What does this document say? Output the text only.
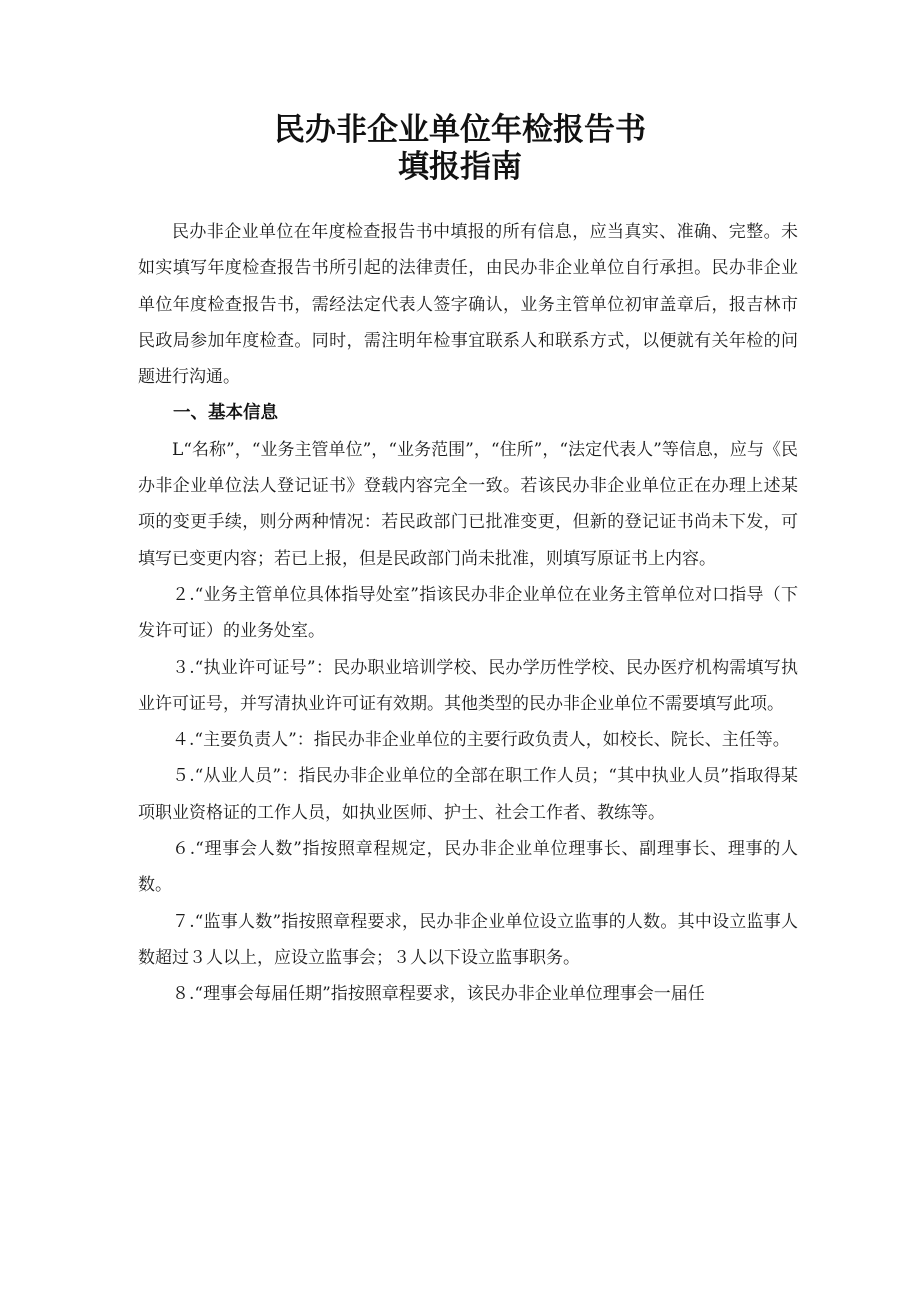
民办非企业单位年检报告书
填报指南

民办非企业单位在年度检查报告书中填报的所有信息，应当真实、准确、完整。未如实填写年度检查报告书所引起的法律责任，由民办非企业单位自行承担。民办非企业单位年度检查报告书，需经法定代表人签字确认，业务主管单位初审盖章后，报吉林市民政局参加年度检查。同时，需注明年检事宜联系人和联系方式，以便就有关年检的问题进行沟通。

一、基本信息

L“名称”，“业务主管单位”，“业务范围”，“住所”，“法定代表人”等信息，应与《民办非企业单位法人登记证书》登载内容完全一致。若该民办非企业单位正在办理上述某项的变更手续，则分两种情况：若民政部门已批准变更，但新的登记证书尚未下发，可填写已变更内容；若已上报，但是民政部门尚未批准，则填写原证书上内容。

２.“业务主管单位具体指导处室”指该民办非企业单位在业务主管单位对口指导（下发许可证）的业务处室。

３.“执业许可证号”：民办职业培训学校、民办学历性学校、民办医疗机构需填写执业许可证号，并写清执业许可证有效期。其他类型的民办非企业单位不需要填写此项。

４.“主要负责人”：指民办非企业单位的主要行政负责人，如校长、院长、主任等。

５.“从业人员”：指民办非企业单位的全部在职工作人员；“其中执业人员”指取得某项职业资格证的工作人员，如执业医师、护士、社会工作者、教练等。

６.“理事会人数”指按照章程规定，民办非企业单位理事长、副理事长、理事的人数。

７.“监事人数”指按照章程要求，民办非企业单位设立监事的人数。其中设立监事人数超过３人以上，应设立监事会；３人以下设立监事职务。

８.“理事会每届任期”指按照章程要求，该民办非企业单位理事会一届任
